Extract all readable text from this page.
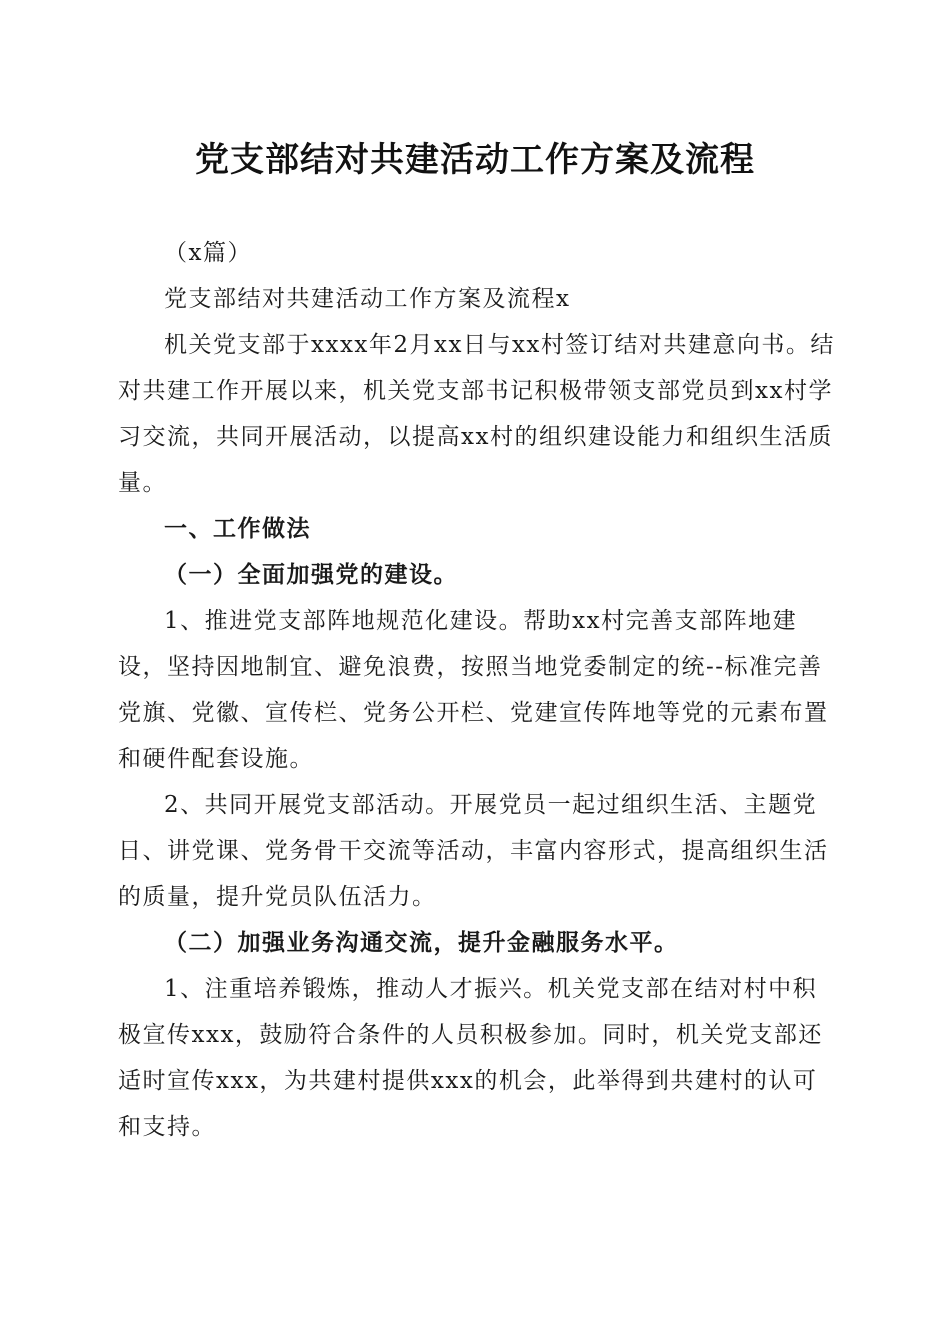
党支部结对共建活动工作方案及流程

（x篇）

党支部结对共建活动工作方案及流程x

机关党支部于xxxx年2月xx日与xx村签订结对共建意向书。结对共建工作开展以来，机关党支部书记积极带领支部党员到xx村学习交流，共同开展活动，以提高xx村的组织建设能力和组织生活质量。

一、工作做法

（一）全面加强党的建设。

1、推进党支部阵地规范化建设。帮助xx村完善支部阵地建设，坚持因地制宜、避免浪费，按照当地党委制定的统--标准完善党旗、党徽、宣传栏、党务公开栏、党建宣传阵地等党的元素布置和硬件配套设施。

2、共同开展党支部活动。开展党员一起过组织生活、主题党日、讲党课、党务骨干交流等活动，丰富内容形式，提高组织生活的质量，提升党员队伍活力。

（二）加强业务沟通交流，提升金融服务水平。

1、注重培养锻炼，推动人才振兴。机关党支部在结对村中积极宣传xxx，鼓励符合条件的人员积极参加。同时，机关党支部还适时宣传xxx，为共建村提供xxx的机会，此举得到共建村的认可和支持。
